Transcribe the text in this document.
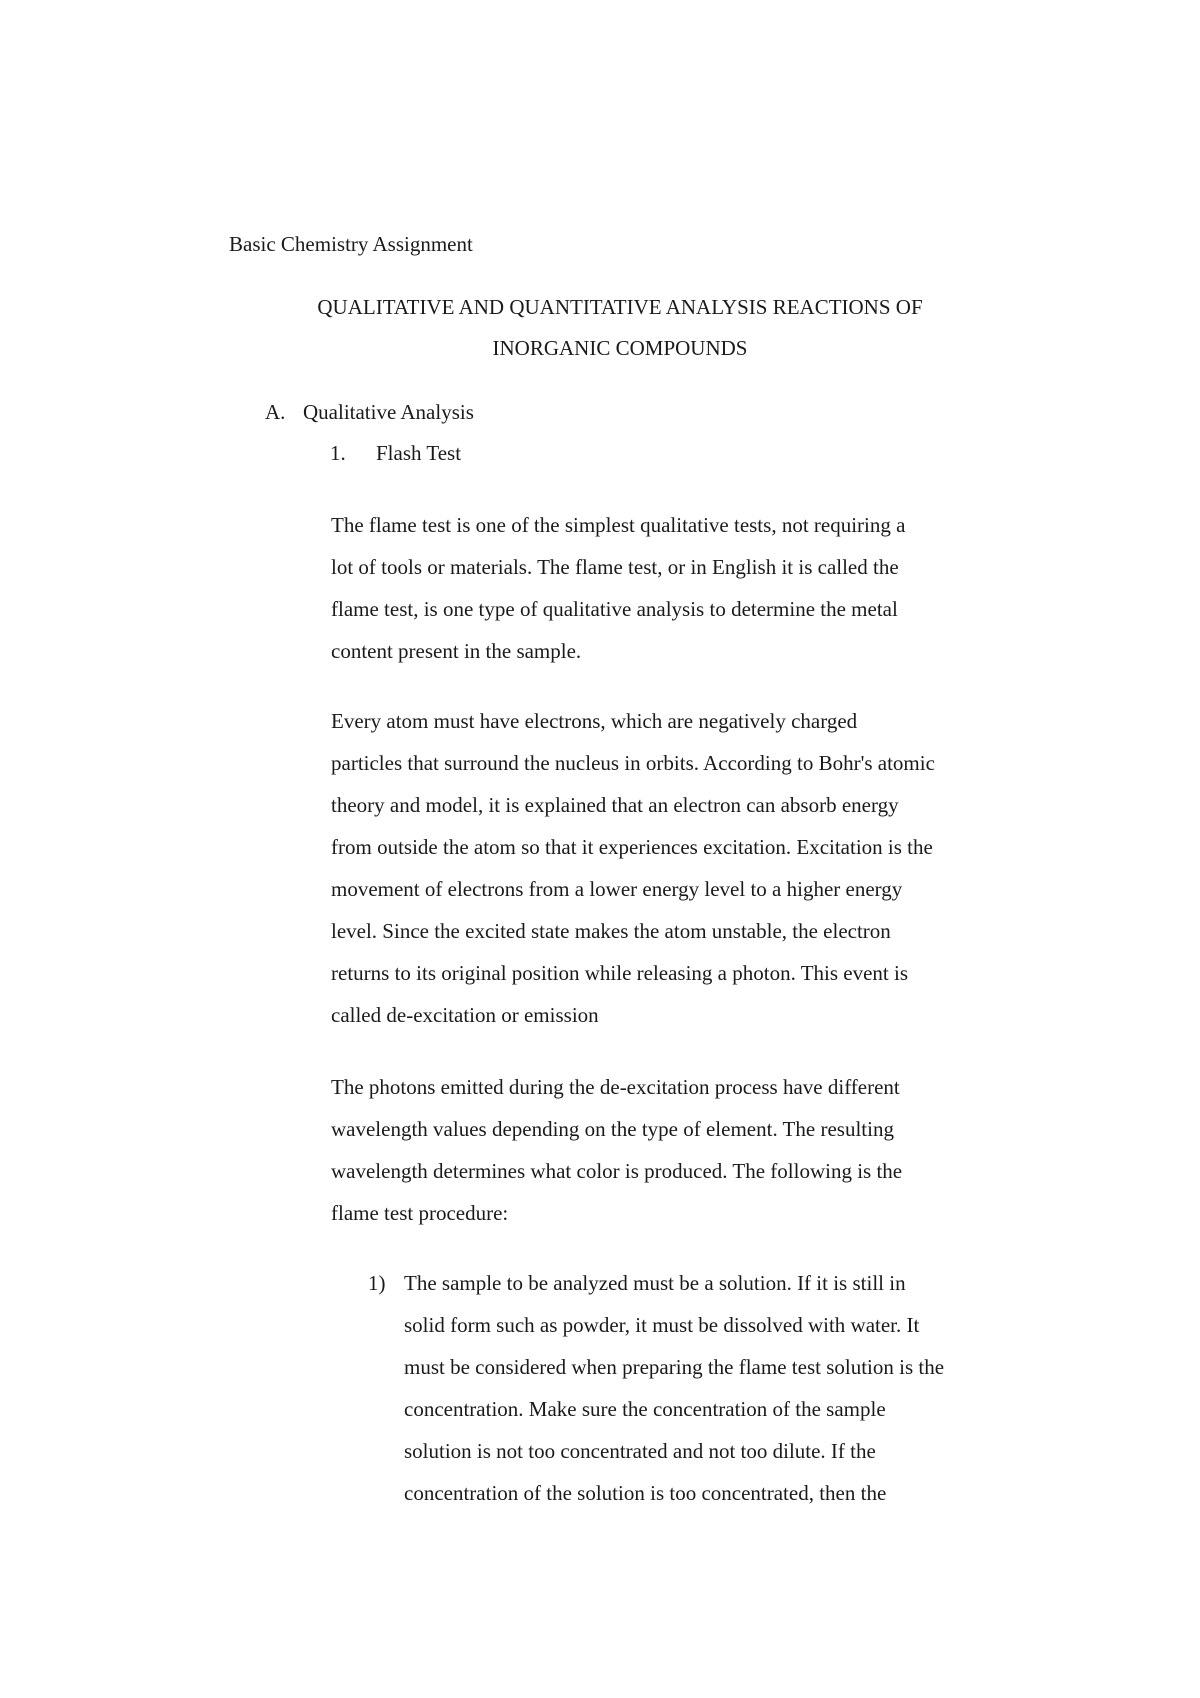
Basic Chemistry Assignment
QUALITATIVE AND QUANTITATIVE ANALYSIS REACTIONS OF
INORGANIC COMPOUNDS
A. Qualitative Analysis
1. Flash Test
The flame test is one of the simplest qualitative tests, not requiring a
lot of tools or materials. The flame test, or in English it is called the
flame test, is one type of qualitative analysis to determine the metal
content present in the sample.
Every atom must have electrons, which are negatively charged
particles that surround the nucleus in orbits. According to Bohr's atomic
theory and model, it is explained that an electron can absorb energy
from outside the atom so that it experiences excitation. Excitation is the
movement of electrons from a lower energy level to a higher energy
level. Since the excited state makes the atom unstable, the electron
returns to its original position while releasing a photon. This event is
called de-excitation or emission
The photons emitted during the de-excitation process have different
wavelength values depending on the type of element. The resulting
wavelength determines what color is produced. The following is the
flame test procedure:
1) The sample to be analyzed must be a solution. If it is still in
solid form such as powder, it must be dissolved with water. It
must be considered when preparing the flame test solution is the
concentration. Make sure the concentration of the sample
solution is not too concentrated and not too dilute. If the
concentration of the solution is too concentrated, then the
